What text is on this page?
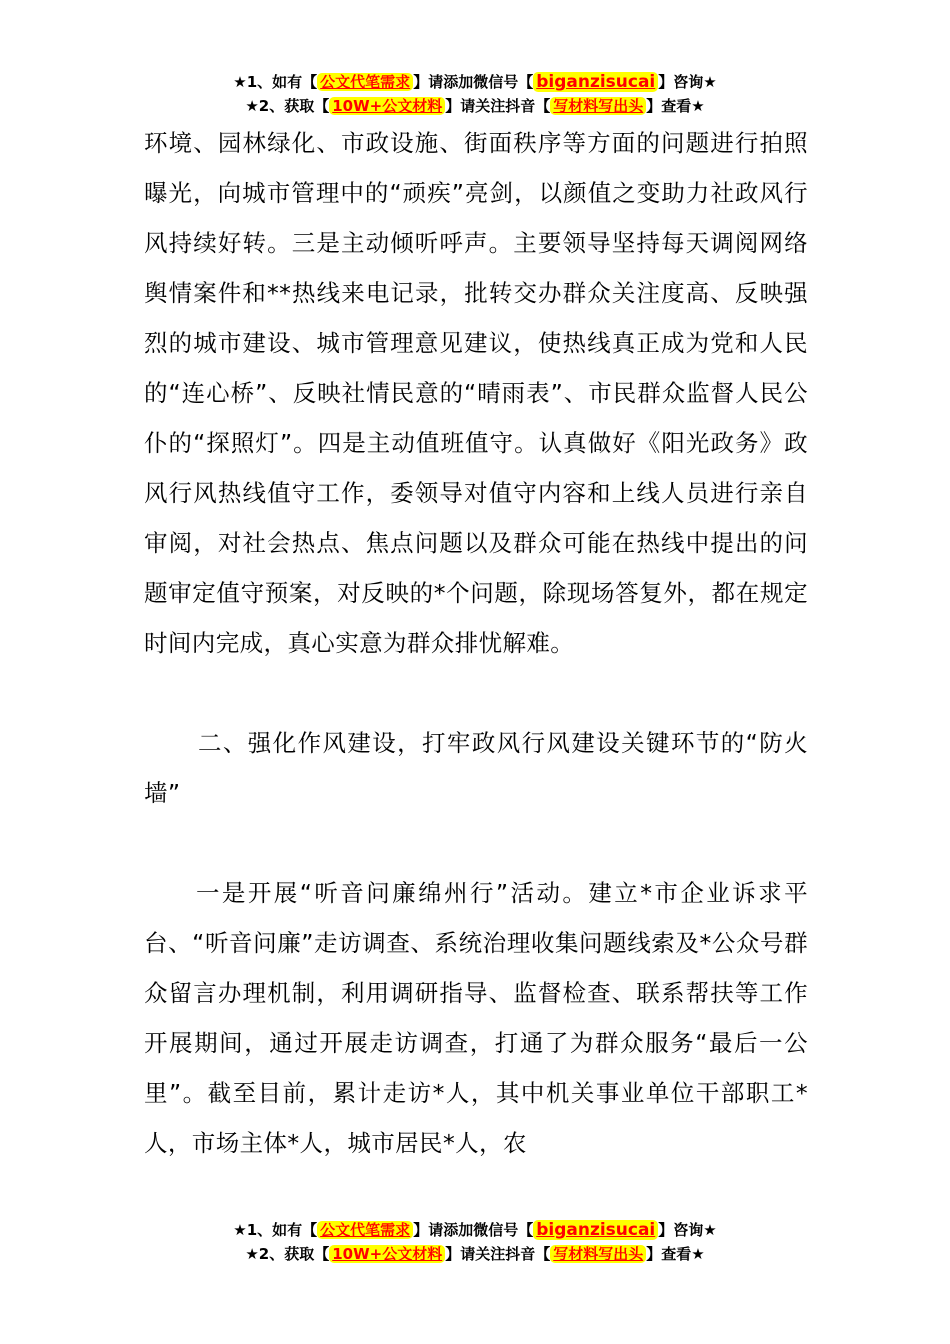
★1、如有【 公文代笔需求 】请添加微信号【 biganzisucai 】咨询★
★2、获取【 10W+公文材料 】请关注抖音【 写材料写出头 】查看★

环境、园林绿化、市政设施、街面秩序等方面的问题进行拍照曝光，向城市管理中的“顽疾”亮剑，以颜值之变助力社政风行风持续好转。三是主动倾听呼声。主要领导坚持每天调阅网络舆情案件和**热线来电记录，批转交办群众关注度高、反映强烈的城市建设、城市管理意见建议，使热线真正成为党和人民的“连心桥”、反映社情民意的“晴雨表”、市民群众监督人民公仆的“探照灯”。四是主动值班值守。认真做好《阳光政务》政风行风热线值守工作，委领导对值守内容和上线人员进行亲自审阅，对社会热点、焦点问题以及群众可能在热线中提出的问题审定值守预案，对反映的*个问题，除现场答复外，都在规定时间内完成，真心实意为群众排忧解难。

二、强化作风建设，打牢政风行风建设关键环节的“防火墙”

一是开展“听音问廉绵州行”活动。建立*市企业诉求平台、“听音问廉”走访调查、系统治理收集问题线索及*公众号群众留言办理机制，利用调研指导、监督检查、联系帮扶等工作开展期间，通过开展走访调查，打通了为群众服务“最后一公里”。截至目前，累计走访*人，其中机关事业单位干部职工*人，市场主体*人，城市居民*人，农

★1、如有【 公文代笔需求 】请添加微信号【 biganzisucai 】咨询★
★2、获取【 10W+公文材料 】请关注抖音【 写材料写出头 】查看★
